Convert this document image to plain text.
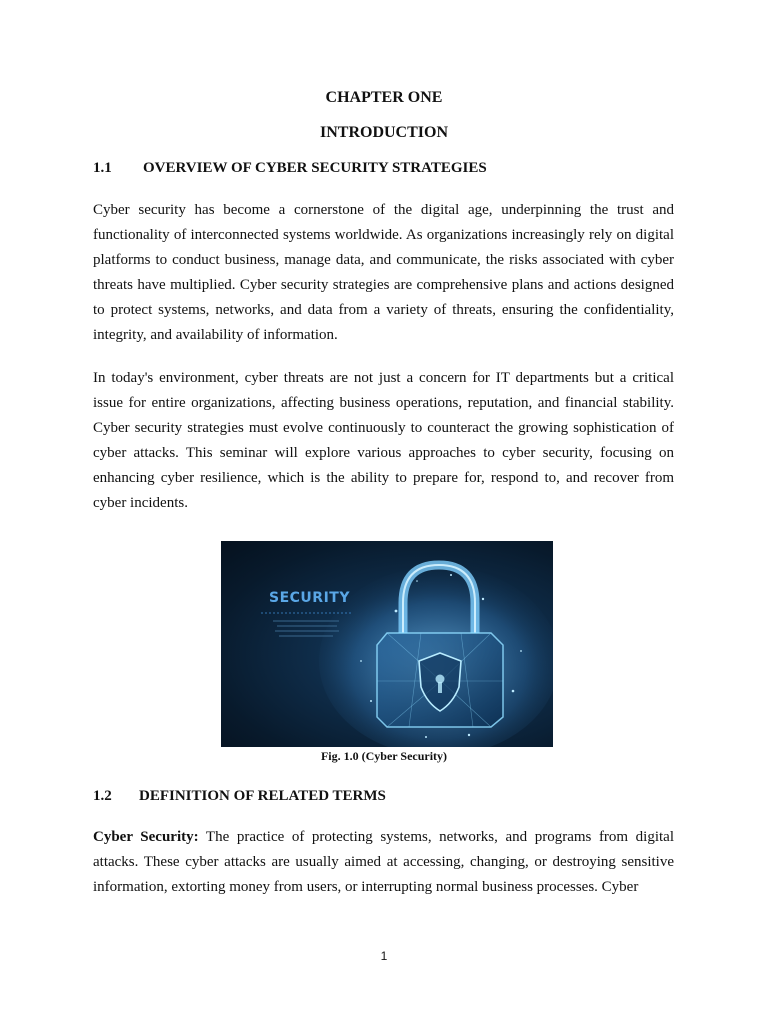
CHAPTER ONE
INTRODUCTION
1.1 OVERVIEW OF CYBER SECURITY STRATEGIES

Cyber security has become a cornerstone of the digital age, underpinning the trust and functionality of interconnected systems worldwide. As organizations increasingly rely on digital platforms to conduct business, manage data, and communicate, the risks associated with cyber threats have multiplied. Cyber security strategies are comprehensive plans and actions designed to protect systems, networks, and data from a variety of threats, ensuring the confidentiality, integrity, and availability of information.

In today's environment, cyber threats are not just a concern for IT departments but a critical issue for entire organizations, affecting business operations, reputation, and financial stability. Cyber security strategies must evolve continuously to counteract the growing sophistication of cyber attacks. This seminar will explore various approaches to cyber security, focusing on enhancing cyber resilience, which is the ability to prepare for, respond to, and recover from cyber incidents.

SECURITY
Fig. 1.0 (Cyber Security)
1.2 DEFINITION OF RELATED TERMS

Cyber Security: The practice of protecting systems, networks, and programs from digital attacks. These cyber attacks are usually aimed at accessing, changing, or destroying sensitive information, extorting money from users, or interrupting normal business processes. Cyber

1
